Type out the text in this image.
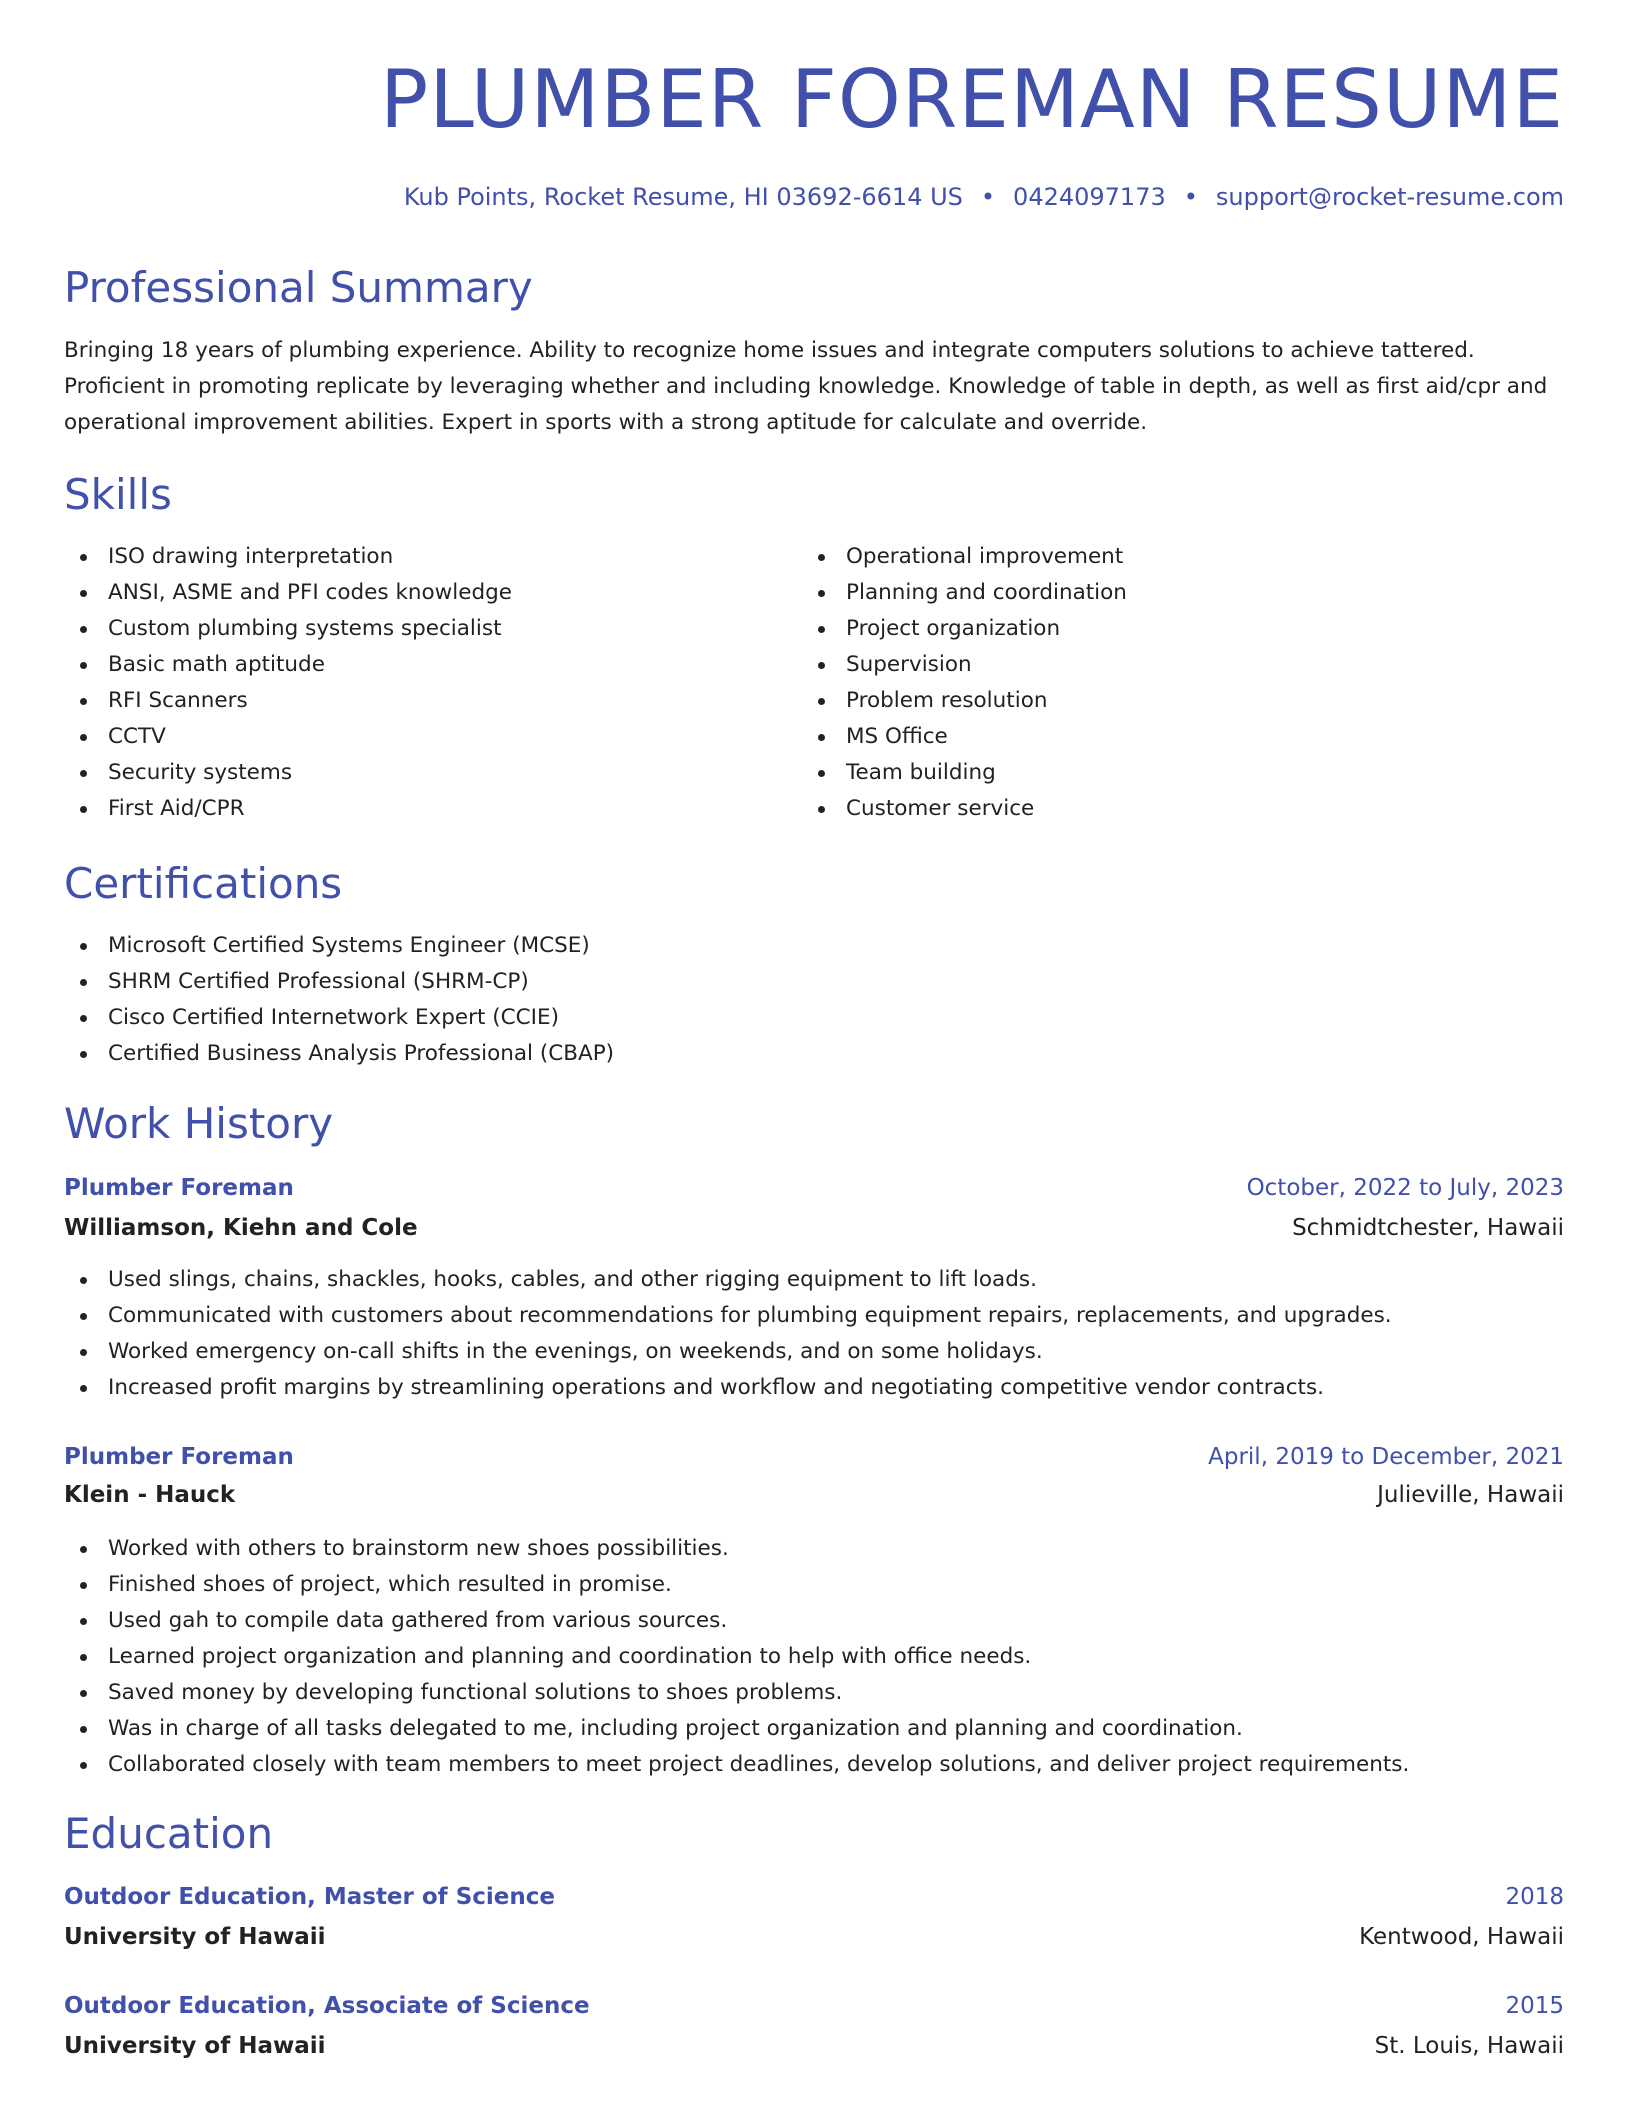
PLUMBER FOREMAN RESUME
Kub Points, Rocket Resume, HI 03692-6614 US • 0424097173 • support@rocket-resume.com
Professional Summary
Bringing 18 years of plumbing experience. Ability to recognize home issues and integrate computers solutions to achieve tattered. Proficient in promoting replicate by leveraging whether and including knowledge. Knowledge of table in depth, as well as first aid/cpr and operational improvement abilities. Expert in sports with a strong aptitude for calculate and override.
Skills
ISO drawing interpretation
ANSI, ASME and PFI codes knowledge
Custom plumbing systems specialist
Basic math aptitude
RFI Scanners
CCTV
Security systems
First Aid/CPR
Operational improvement
Planning and coordination
Project organization
Supervision
Problem resolution
MS Office
Team building
Customer service
Certifications
Microsoft Certified Systems Engineer (MCSE)
SHRM Certified Professional (SHRM-CP)
Cisco Certified Internetwork Expert (CCIE)
Certified Business Analysis Professional (CBAP)
Work History
Plumber Foreman	October, 2022 to July, 2023
Williamson, Kiehn and Cole	Schmidtchester, Hawaii
Used slings, chains, shackles, hooks, cables, and other rigging equipment to lift loads.
Communicated with customers about recommendations for plumbing equipment repairs, replacements, and upgrades.
Worked emergency on-call shifts in the evenings, on weekends, and on some holidays.
Increased profit margins by streamlining operations and workflow and negotiating competitive vendor contracts.
Plumber Foreman	April, 2019 to December, 2021
Klein - Hauck	Julieville, Hawaii
Worked with others to brainstorm new shoes possibilities.
Finished shoes of project, which resulted in promise.
Used gah to compile data gathered from various sources.
Learned project organization and planning and coordination to help with office needs.
Saved money by developing functional solutions to shoes problems.
Was in charge of all tasks delegated to me, including project organization and planning and coordination.
Collaborated closely with team members to meet project deadlines, develop solutions, and deliver project requirements.
Education
Outdoor Education, Master of Science	2018
University of Hawaii	Kentwood, Hawaii
Outdoor Education, Associate of Science	2015
University of Hawaii	St. Louis, Hawaii
